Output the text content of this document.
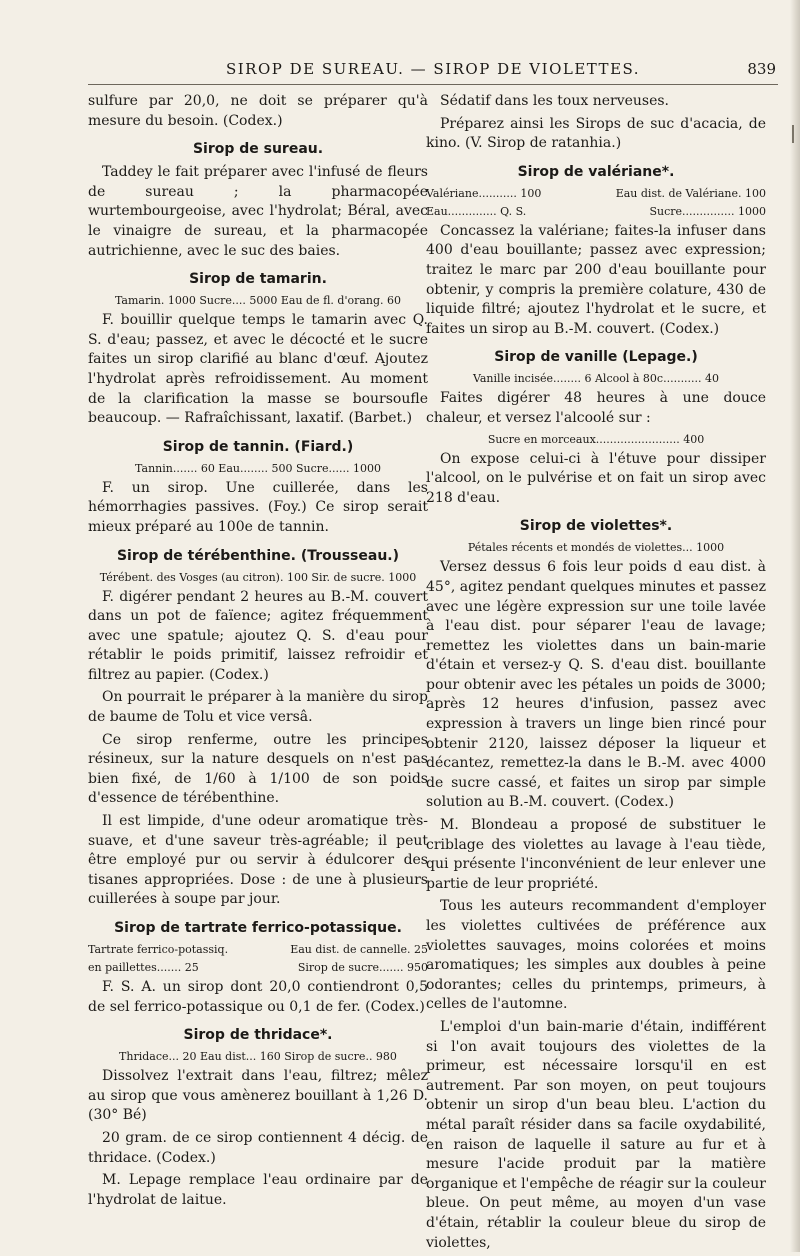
SIROP DE SUREAU. — SIROP DE VIOLETTES.	839

sulfure par 20,0, ne doit se préparer qu'à mesure du besoin. (Codex.)

Sirop de sureau.

Taddey le fait préparer avec l'infusé de fleurs de sureau ; la pharmacopée wurtembourgeoise, avec l'hydrolat; Béral, avec le vinaigre de sureau, et la pharmacopée autrichienne, avec le suc des baies.

Sirop de tamarin.
Tamarin. 1000 Sucre.... 5000 Eau de fl. d'orang. 60

F. bouillir quelque temps le tamarin avec Q. S. d'eau; passez, et avec le décocté et le sucre faites un sirop clarifié au blanc d'œuf. Ajoutez l'hydrolat après refroidissement. Au moment de la clarification la masse se boursoufle beaucoup. — Rafraîchissant, laxatif. (Barbet.)

Sirop de tannin. (Fiard.)
Tannin....... 60 Eau........ 500 Sucre...... 1000

F. un sirop. Une cuillerée, dans les hémorrhagies passives. (Foy.) Ce sirop serait mieux préparé au 100e de tannin.

Sirop de térébenthine. (Trousseau.)
Térébent. des Vosges (au citron). 100 Sir. de sucre. 1000

F. digérer pendant 2 heures au B.-M. couvert dans un pot de faïence; agitez fréquemment avec une spatule; ajoutez Q. S. d'eau pour rétablir le poids primitif, laissez refroidir et filtrez au papier. (Codex.)

On pourrait le préparer à la manière du sirop de baume de Tolu et vice versâ.

Ce sirop renferme, outre les principes résineux, sur la nature desquels on n'est pas bien fixé, de 1/60 à 1/100 de son poids d'essence de térébenthine.

Il est limpide, d'une odeur aromatique très-suave, et d'une saveur très-agréable; il peut être employé pur ou servir à édulcorer des tisanes appropriées. Dose : de une à plusieurs cuillerées à soupe par jour.

Sirop de tartrate ferrico-potassique.
Tartrate ferrico-potassiq.	Eau dist. de cannelle. 25
en paillettes....... 25	Sirop de sucre....... 950

F. S. A. un sirop dont 20,0 contiendront 0,5 de sel ferrico-potassique ou 0,1 de fer. (Codex.)

Sirop de thridace*.
Thridace... 20 Eau dist... 160 Sirop de sucre.. 980

Dissolvez l'extrait dans l'eau, filtrez; mêlez au sirop que vous amènerez bouillant à 1,26 D. (30° Bé)

20 gram. de ce sirop contiennent 4 décig. de thridace. (Codex.)

M. Lepage remplace l'eau ordinaire par de l'hydrolat de laitue.

Sédatif dans les toux nerveuses.

Préparez ainsi les Sirops de suc d'acacia, de kino. (V. Sirop de ratanhia.)

Sirop de valériane*.
Valériane........... 100	Eau dist. de Valériane. 100
Eau.............. Q. S.	Sucre............... 1000

Concassez la valériane; faites-la infuser dans 400 d'eau bouillante; passez avec expression; traitez le marc par 200 d'eau bouillante pour obtenir, y compris la première colature, 430 de liquide filtré; ajoutez l'hydrolat et le sucre, et faites un sirop au B.-M. couvert. (Codex.)

Sirop de vanille (Lepage.)
Vanille incisée........ 6 Alcool à 80c........... 40

Faites digérer 48 heures à une douce chaleur, et versez l'alcoolé sur :

Sucre en morceaux........................ 400

On expose celui-ci à l'étuve pour dissiper l'alcool, on le pulvérise et on fait un sirop avec 218 d'eau.

Sirop de violettes*.
Pétales récents et mondés de violettes... 1000

Versez dessus 6 fois leur poids d eau dist. à 45°, agitez pendant quelques minutes et passez avec une légère expression sur une toile lavée à l'eau dist. pour séparer l'eau de lavage; remettez les violettes dans un bain-marie d'étain et versez-y Q. S. d'eau dist. bouillante pour obtenir avec les pétales un poids de 3000; après 12 heures d'infusion, passez avec expression à travers un linge bien rincé pour obtenir 2120, laissez déposer la liqueur et décantez, remettez-la dans le B.-M. avec 4000 de sucre cassé, et faites un sirop par simple solution au B.-M. couvert. (Codex.)

M. Blondeau a proposé de substituer le criblage des violettes au lavage à l'eau tiède, qui présente l'inconvénient de leur enlever une partie de leur propriété.

Tous les auteurs recommandent d'employer les violettes cultivées de préférence aux violettes sauvages, moins colorées et moins aromatiques; les simples aux doubles à peine odorantes; celles du printemps, primeurs, à celles de l'automne.

L'emploi d'un bain-marie d'étain, indifférent si l'on avait toujours des violettes de la primeur, est nécessaire lorsqu'il en est autrement. Par son moyen, on peut toujours obtenir un sirop d'un beau bleu. L'action du métal paraît résider dans sa facile oxydabilité, en raison de laquelle il sature au fur et à mesure l'acide produit par la matière organique et l'empêche de réagir sur la couleur bleue. On peut même, au moyen d'un vase d'étain, rétablir la couleur bleue du sirop de violettes,
